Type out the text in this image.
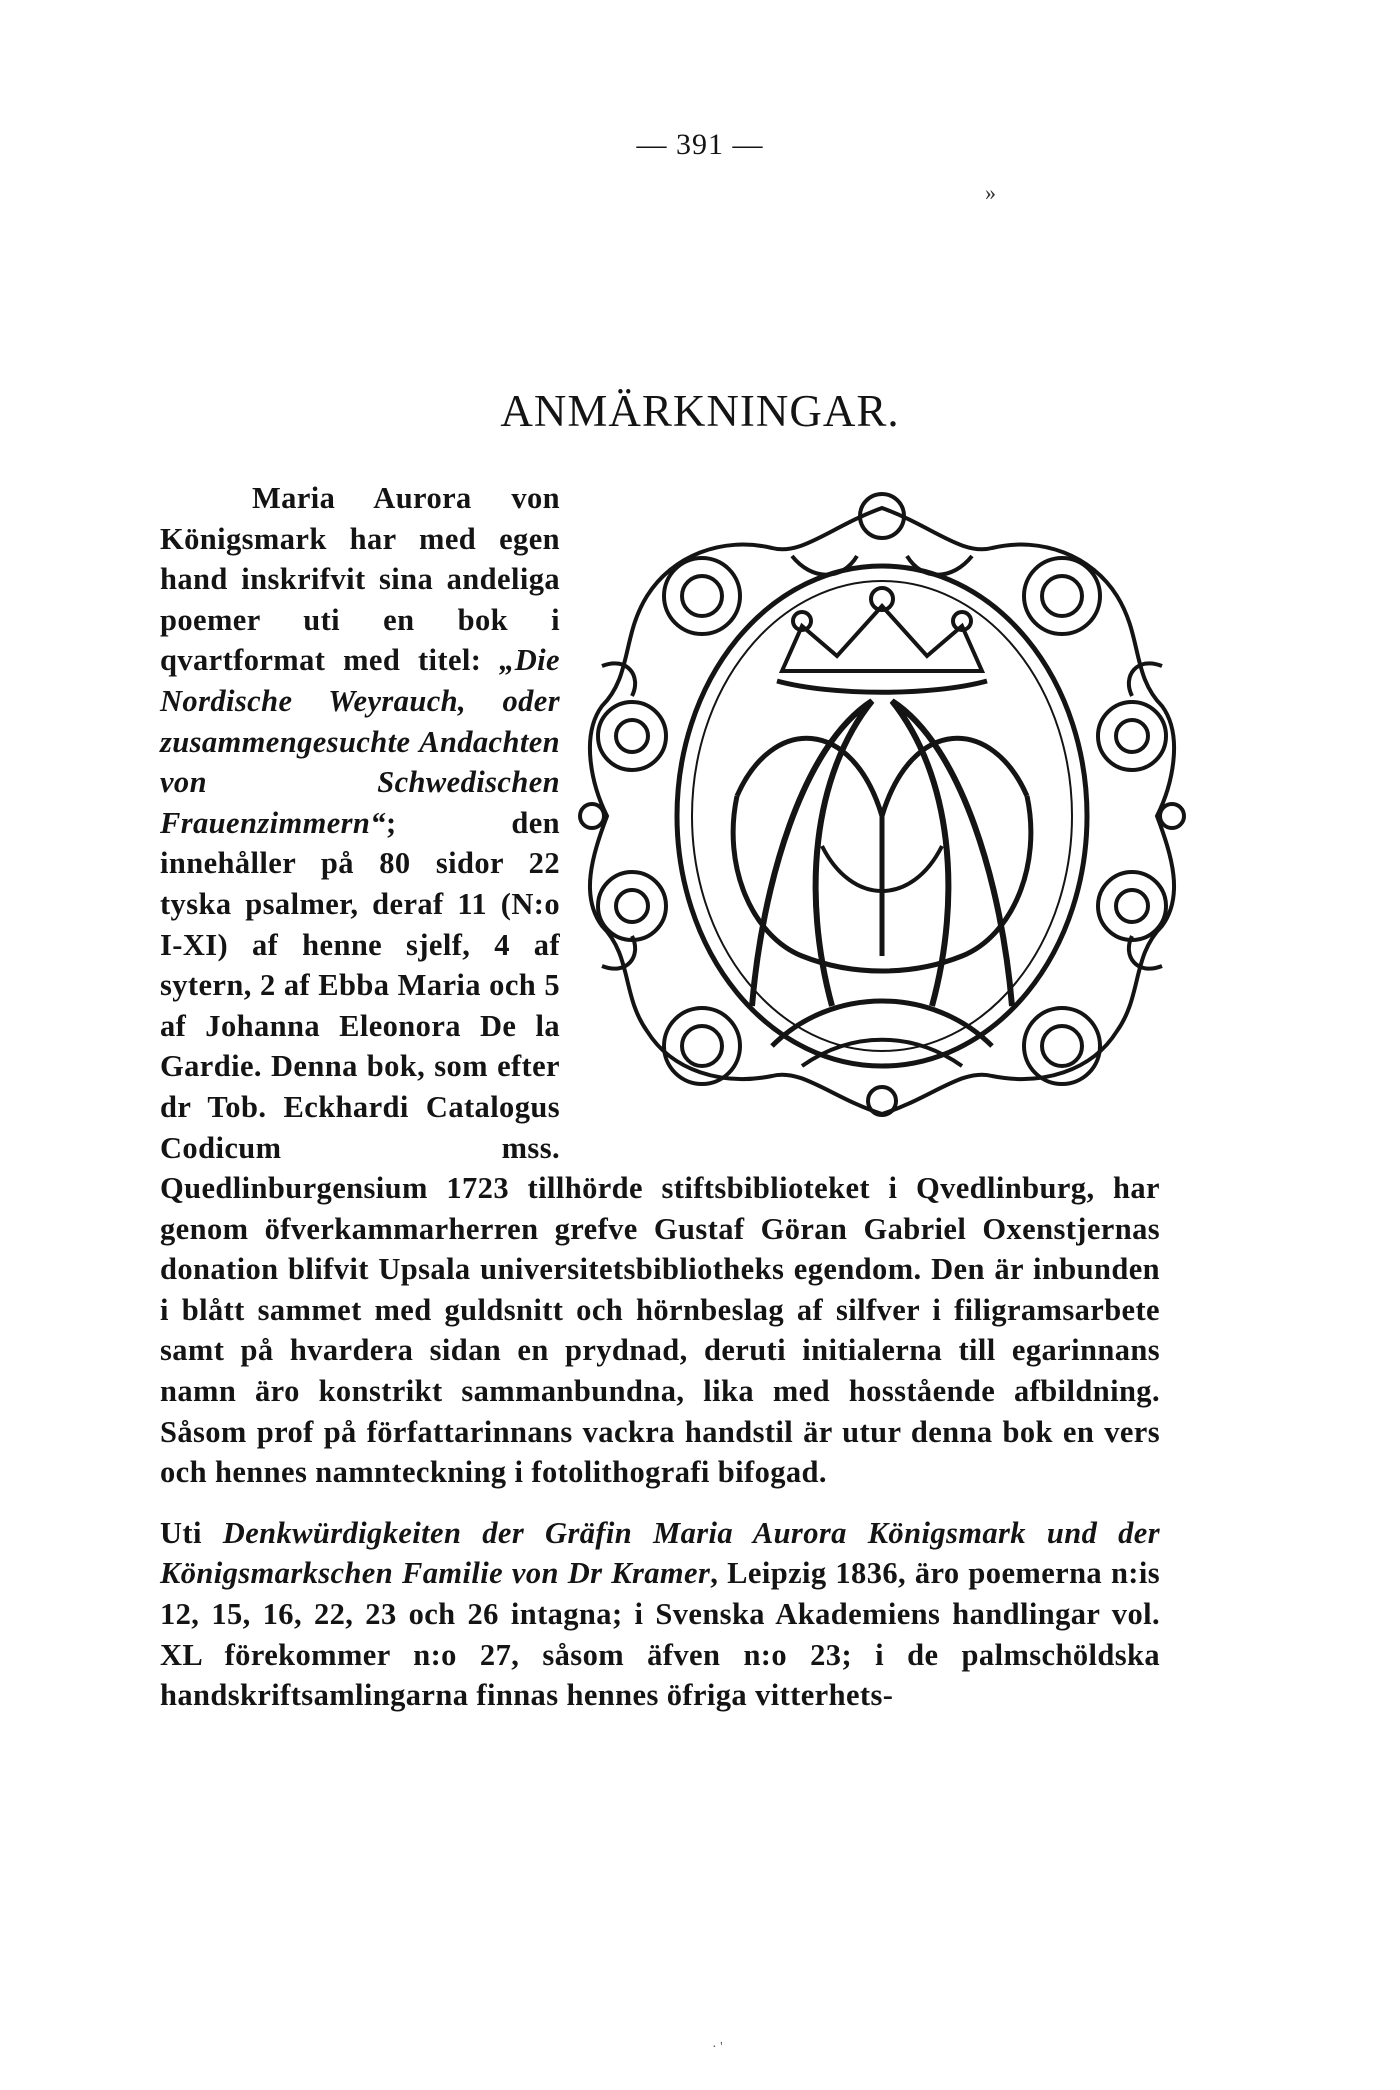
— 391 —
»
ANMÄRKNINGAR.

Maria Aurora von Königsmark har med egen hand inskrifvit sina andeliga poemer uti en bok i qvartformat med titel: „Die Nordische Weyrauch, oder zusammengesuchte Andachten von Schwedischen Frauenzimmern“; den innehåller på 80 sidor 22 tyska psalmer, deraf 11 (N:o I-XI) af henne sjelf, 4 af sytern, 2 af Ebba Maria och 5 af Johanna Eleonora De la Gardie. Denna bok, som efter dr Tob. Eckhardi Catalogus Codicum mss. Quedlinburgensium 1723 tillhörde stiftsbiblioteket i Qvedlinburg, har genom öfverkammarherren grefve Gustaf Göran Gabriel Oxenstjernas donation blifvit Upsala universitetsbibliotheks egendom. Den är inbunden i blått sammet med guldsnitt och hörnbeslag af silfver i filigramsarbete samt på hvardera sidan en prydnad, deruti initialerna till egarinnans namn äro konstrikt sammanbundna, lika med hosstående afbildning. Såsom prof på författarinnans vackra handstil är utur denna bok en vers och hennes namnteckning i fotolithografi bifogad.

Uti Denkwürdigkeiten der Gräfin Maria Aurora Königsmark und der Königsmarkschen Familie von Dr Kramer, Leipzig 1836, äro poemerna n:is 12, 15, 16, 22, 23 och 26 intagna; i Svenska Akademiens handlingar vol. XL förekommer n:o 27, såsom äfven n:o 23; i de palmschöldska handskriftsamlingarna finnas hennes öfriga vitterhets-

· '
